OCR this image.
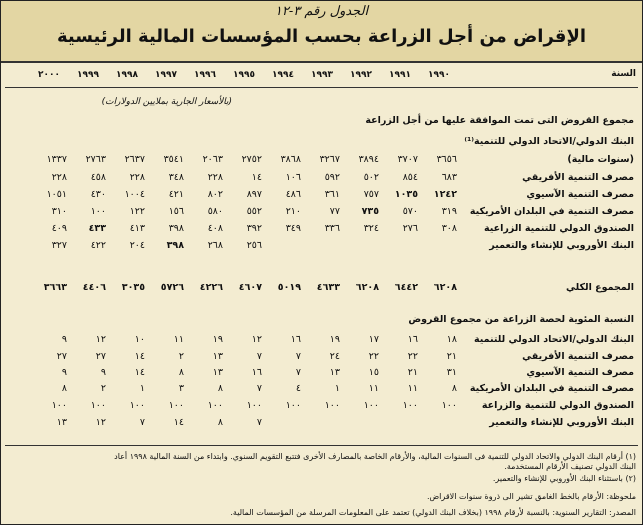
الجدول رقم ٣-١٢
الإقراض من أجل الزراعة بحسب المؤسسات المالية الرئيسية
السنة
١٩٩٠
١٩٩١
١٩٩٢
١٩٩٣
١٩٩٤
١٩٩٥
١٩٩٦
١٩٩٧
١٩٩٨
١٩٩٩
٢٠٠٠
(بالأسعار الجارية بملايين الدولارات)
مجموع القروض التى تمت الموافقة عليها من أجل الزراعة
البنك الدولي/الاتحاد الدولي للتنمية⁽¹⁾
(سنوات مالية)
٣٦٥٦
٣٧٠٧
٣٨٩٤
٣٢٦٧
٣٨٦٨
٢٧٥٢
٢٠٦٣
٣٥٤١
٢٦٣٧
٢٧٦٣
١٣٣٧
مصرف التنمية الأفريقي
٦٨٣
٨٥٤
٥٠٢
٥٩٢
١٠٦
١٤
٢٢٨
٣٤٨
٢٢٨
٤٥٨
٢٢٨
مصرف التنمية الآسيوي
١٢٤٢
١٠٣٥
٧٥٧
٣٦١
٤٨٦
٨٩٧
٨٠٢
٤٢١
١٠٠٤
٤٣٠
١٠٥١
مصرف التنمية في البلدان الأمريكية
٣١٩
٥٧٠
٧٣٥
٧٧
٢١٠
٥٥٢
٥٨٠
١٥٦
١٢٢
١٠٠
٣١٠
الصندوق الدولي للتنمية الزراعية
٣٠٨
٢٧٦
٣٢٤
٣٣٦
٣٤٩
٣٩٢
٤٠٨
٣٩٨
٤١٣
٤٣٣
٤٠٩
البنك الأوروبي للإنشاء والتعمير
٢٥٦
٢٦٨
٣٩٨
٢٠٤
٤٢٢
٣٢٧
المجموع الكلي
٦٢٠٨
٦٤٤٢
٦٢٠٨
٤٦٣٣
٥٠١٩
٤٦٠٧
٤٢٢٦
٥٧٢٦
٣٠٣٥
٤٤٠٦
٣٦٦٣
النسبة المئوية لحصة الزراعة من مجموع القروض
البنك الدولي/الاتحاد الدولي للتنمية
١٨
١٦
١٧
١٩
١٦
١٢
١٩
١١
١٠
١٢
٩
مصرف التنمية الأفريقي
٢١
٢٢
٢٢
٢٤
٧
٧
١٣
٢
١٤
٢٧
٢٧
مصرف التنمية الآسيوي
٣١
٢١
١٥
١٣
٧
١٦
١٣
٨
١٤
٩
٩
مصرف التنمية في البلدان الأمريكية
٨
١١
١١
١
٤
٧
٨
٣
١
٢
٨
الصندوق الدولي للتنمية والزراعة
١٠٠
١٠٠
١٠٠
١٠٠
١٠٠
١٠٠
١٠٠
١٠٠
١٠٠
١٠٠
١٠٠
البنك الأوروبي للإنشاء والتعمير
٧
٨
١٤
٧
١٢
١٣
(١) أرقام البنك الدولي والاتحاد الدولي للتنمية فى السنوات المالية، والأرقام الخاصة بالمصارف الأخرى فتتبع التقويم السنوي. وابتداء من السنة المالية ١٩٩٨ أعاد
البنك الدولي تصنيف الأرقام المستخدمة.
(٢) باستثناء البنك الأوروبي للإنشاء والتعمير.
ملحوظة: الأرقام بالخط الغامق تشير الى ذروة سنوات الاقراض.
المصدر: التقارير السنوية: بالنسبة لأرقام ١٩٩٨ (بخلاف البنك الدولي) تعتمد على المعلومات المرسلة من المؤسسات المالية.
